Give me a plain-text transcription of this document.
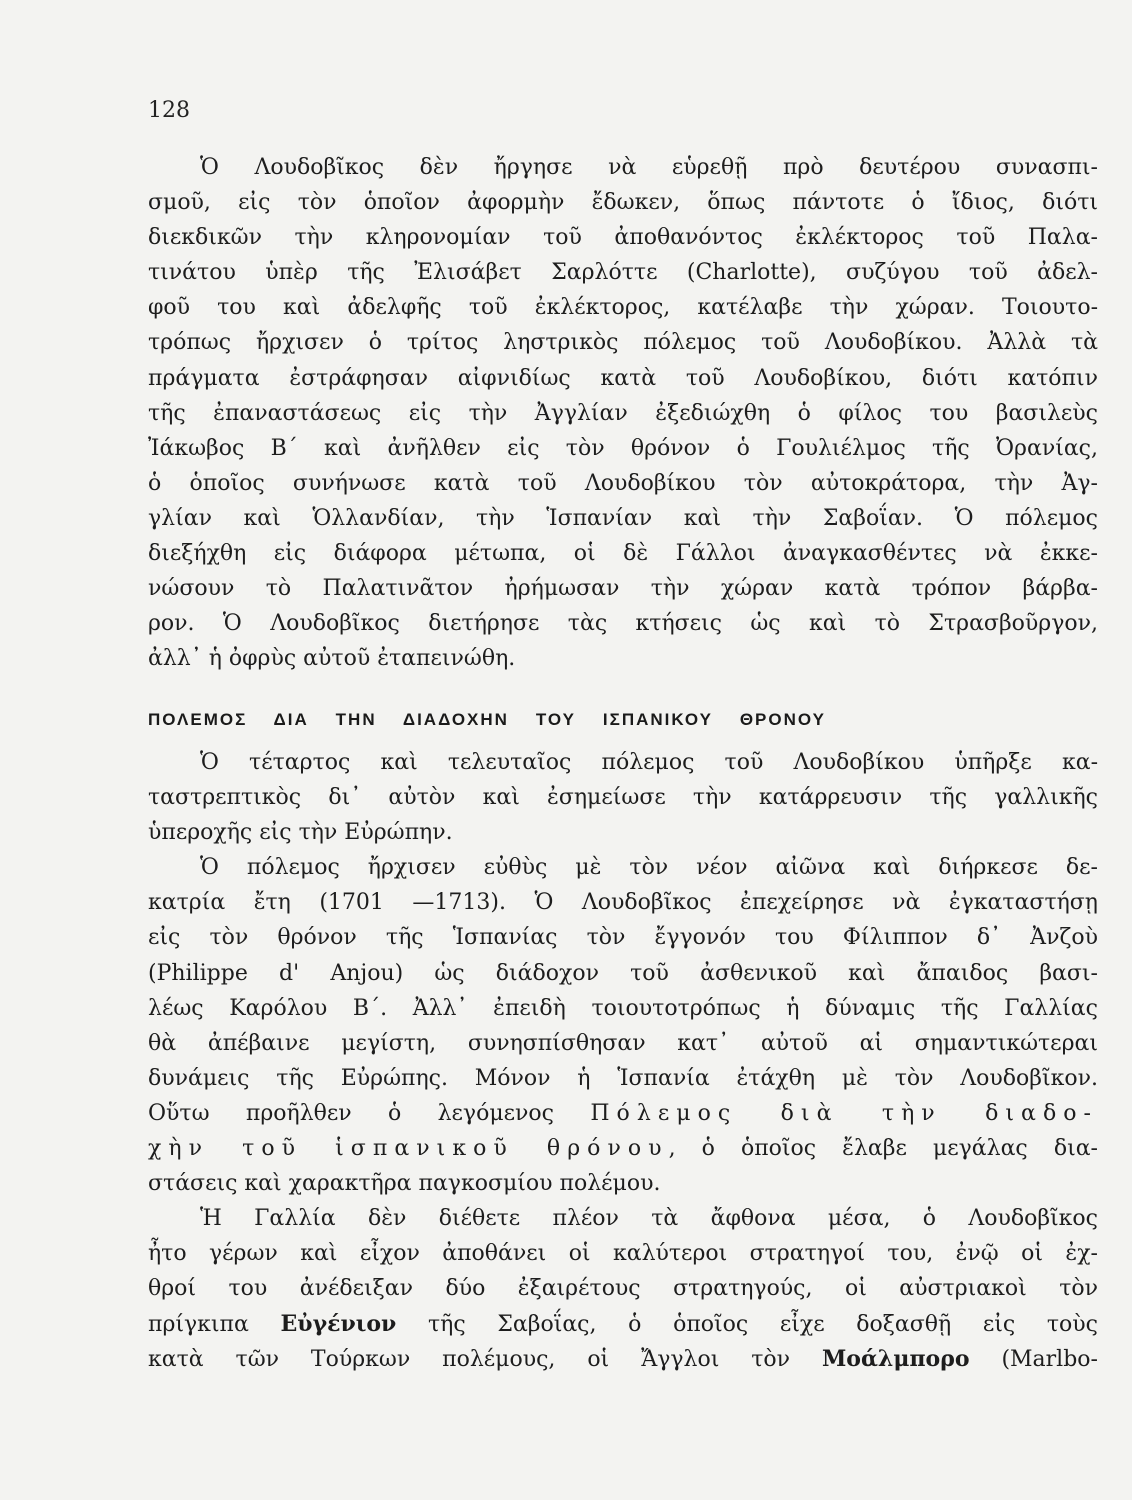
128
Ὁ Λουδοβῖκος δὲν ἤργησε νὰ εὑρεθῇ πρὸ δευτέρου συνασπι-
σμοῦ, εἰς τὸν ὁποῖον ἀφορμὴν ἔδωκεν, ὅπως πάντοτε ὁ ἴδιος, διότι
διεκδικῶν τὴν κληρονομίαν τοῦ ἀποθανόντος ἐκλέκτορος τοῦ Παλα-
τινάτου ὑπὲρ τῆς Ἐλισάβετ Σαρλόττε (Charlotte), συζύγου τοῦ ἀδελ-
φοῦ του καὶ ἀδελφῆς τοῦ ἐκλέκτορος, κατέλαβε τὴν χώραν. Τοιουτο-
τρόπως ἤρχισεν ὁ τρίτος ληστρικὸς πόλεμος τοῦ Λουδοβίκου. Ἀλλὰ τὰ
πράγματα ἐστράφησαν αἰφνιδίως κατὰ τοῦ Λουδοβίκου, διότι κατόπιν
τῆς ἐπαναστάσεως εἰς τὴν Ἀγγλίαν ἐξεδιώχθη ὁ φίλος του βασιλεὺς
Ἰάκωβος Β΄ καὶ ἀνῆλθεν εἰς τὸν θρόνον ὁ Γουλιέλμος τῆς Ὀρανίας,
ὁ ὁποῖος συνήνωσε κατὰ τοῦ Λουδοβίκου τὸν αὐτοκράτορα, τὴν Ἀγ-
γλίαν καὶ Ὁλλανδίαν, τὴν Ἱσπανίαν καὶ τὴν Σαβοΐαν. Ὁ πόλεμος
διεξήχθη εἰς διάφορα μέτωπα, οἱ δὲ Γάλλοι ἀναγκασθέντες νὰ ἐκκε-
νώσουν τὸ Παλατινᾶτον ἠρήμωσαν τὴν χώραν κατὰ τρόπον βάρβα-
ρον. Ὁ Λουδοβῖκος διετήρησε τὰς κτήσεις ὡς καὶ τὸ Στρασβοῦργον,
ἀλλ᾽ ἡ ὀφρὺς αὐτοῦ ἐταπεινώθη.
ΠΟΛΕΜΟΣ ΔΙΑ ΤΗΝ ΔΙΑΔΟΧΗΝ ΤΟΥ ΙΣΠΑΝΙΚΟΥ ΘΡΟΝΟΥ
Ὁ τέταρτος καὶ τελευταῖος πόλεμος τοῦ Λουδοβίκου ὑπῆρξε κα-
ταστρεπτικὸς δι᾽ αὐτὸν καὶ ἐσημείωσε τὴν κατάρρευσιν τῆς γαλλικῆς
ὑπεροχῆς εἰς τὴν Εὐρώπην.
Ὁ πόλεμος ἤρχισεν εὐθὺς μὲ τὸν νέον αἰῶνα καὶ διήρκεσε δε-
κατρία ἔτη (1701 —1713). Ὁ Λουδοβῖκος ἐπεχείρησε νὰ ἐγκαταστήσῃ
εἰς τὸν θρόνον τῆς Ἱσπανίας τὸν ἔγγονόν του Φίλιππον δ᾽ Ἀνζοὺ
(Philippe d' Anjou) ὡς διάδοχον τοῦ ἀσθενικοῦ καὶ ἄπαιδος βασι-
λέως Καρόλου Β΄. Ἀλλ᾽ ἐπειδὴ τοιουτοτρόπως ἡ δύναμις τῆς Γαλλίας
θὰ ἀπέβαινε μεγίστη, συνησπίσθησαν κατ᾽ αὐτοῦ αἱ σημαντικώτεραι
δυνάμεις τῆς Εὐρώπης. Μόνον ἡ Ἱσπανία ἐτάχθη μὲ τὸν Λουδοβῖκον.
Οὕτω προῆλθεν ὁ λεγόμενος Πόλεμος διὰ τὴν διαδο-
χὴν τοῦ ἱσπανικοῦ θρόνου, ὁ ὁποῖος ἔλαβε μεγάλας δια-
στάσεις καὶ χαρακτῆρα παγκοσμίου πολέμου.
Ἡ Γαλλία δὲν διέθετε πλέον τὰ ἄφθονα μέσα, ὁ Λουδοβῖκος
ἦτο γέρων καὶ εἶχον ἀποθάνει οἱ καλύτεροι στρατηγοί του, ἐνῷ οἱ ἐχ-
θροί του ἀνέδειξαν δύο ἐξαιρέτους στρατηγούς, οἱ αὐστριακοὶ τὸν
πρίγκιπα Εὐγένιον τῆς Σαβοΐας, ὁ ὁποῖος εἶχε δοξασθῇ εἰς τοὺς
κατὰ τῶν Τούρκων πολέμους, οἱ Ἄγγλοι τὸν Μοάλμπορο (Marlbo-
